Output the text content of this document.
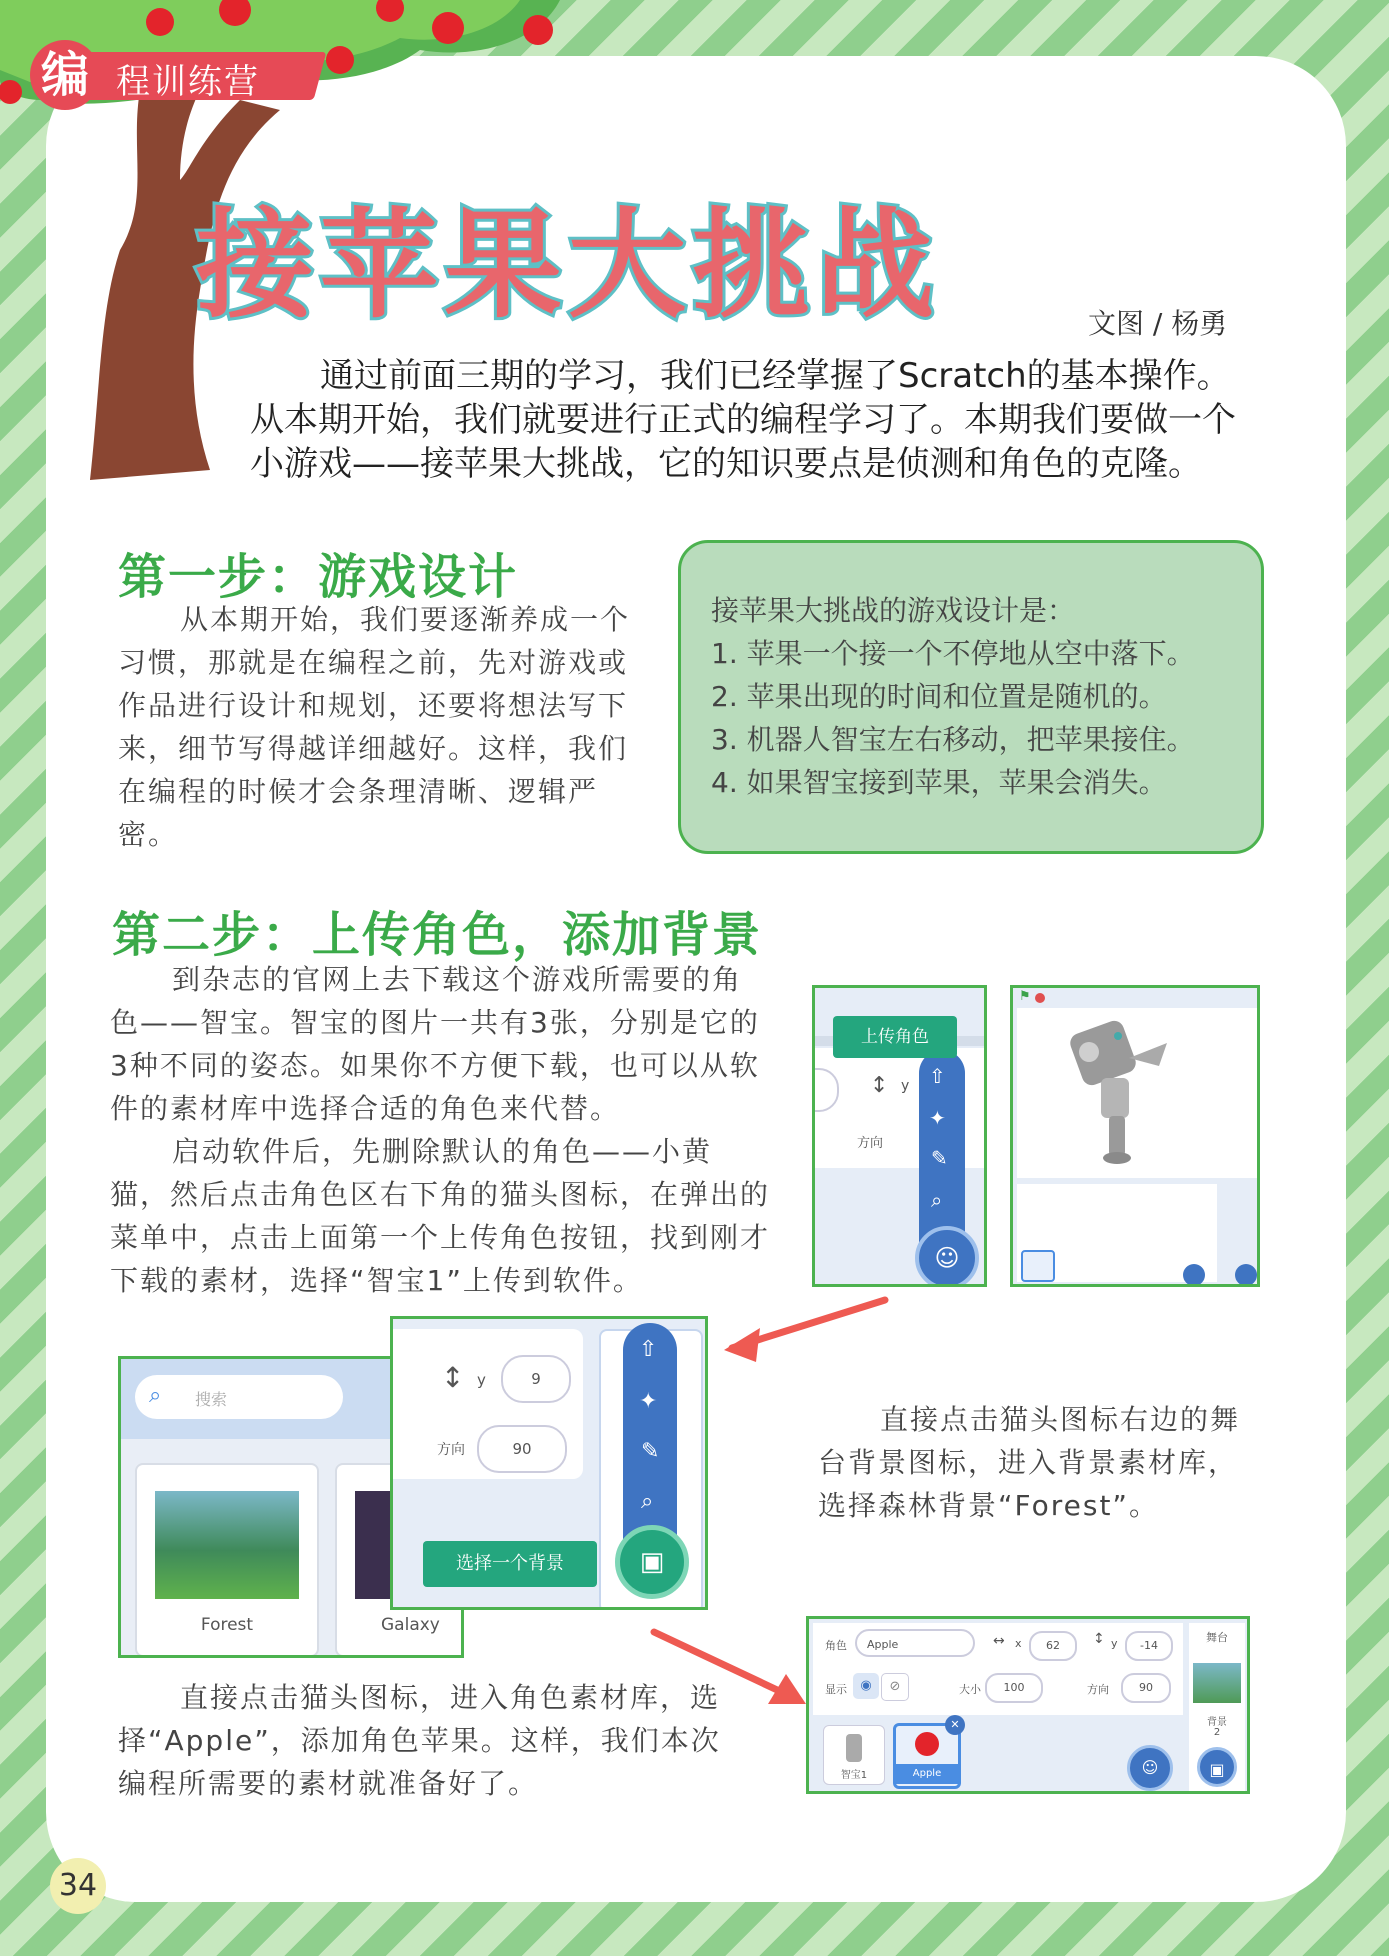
编 程训练营
接苹果大挑战	文图 / 杨勇

通过前面三期的学习，我们已经掌握了Scratch的基本操作。从本期开始，我们就要进行正式的编程学习了。本期我们要做一个小游戏——接苹果大挑战，它的知识要点是侦测和角色的克隆。

第一步：游戏设计

从本期开始，我们要逐渐养成一个习惯，那就是在编程之前，先对游戏或作品进行设计和规划，还要将想法写下来，细节写得越详细越好。这样，我们在编程的时候才会条理清晰、逻辑严密。

接苹果大挑战的游戏设计是：
1. 苹果一个接一个不停地从空中落下。
2. 苹果出现的时间和位置是随机的。
3. 机器人智宝左右移动，把苹果接住。
4. 如果智宝接到苹果，苹果会消失。
第二步：上传角色，添加背景

到杂志的官网上去下载这个游戏所需要的角色——智宝。智宝的图片一共有3张，分别是它的3种不同的姿态。如果你不方便下载，也可以从软件的素材库中选择合适的角色来代替。

启动软件后，先删除默认的角色——小黄猫，然后点击角色区右下角的猫头图标，在弹出的菜单中，点击上面第一个上传角色按钮，找到刚才下载的素材，选择“智宝1”上传到软件。

↕ y
方向
⇧
✦
✎
⌕
☺
上传角色
⚑
⌕ 搜索
Forest	Galaxy
↕ y	9
方向	90
⇧
✦
✎
⌕
▣
选择一个背景

直接点击猫头图标右边的舞台背景图标，进入背景素材库，选择森林背景“Forest”。

角色	Apple	↔ x	62	↕ y	-14
显示	◉	⊘	大小	100	方向	90
智宝1	Apple
✕
☺
舞台
背景
2
▣

直接点击猫头图标，进入角色素材库，选择“Apple”，添加角色苹果。这样，我们本次编程所需要的素材就准备好了。

34
